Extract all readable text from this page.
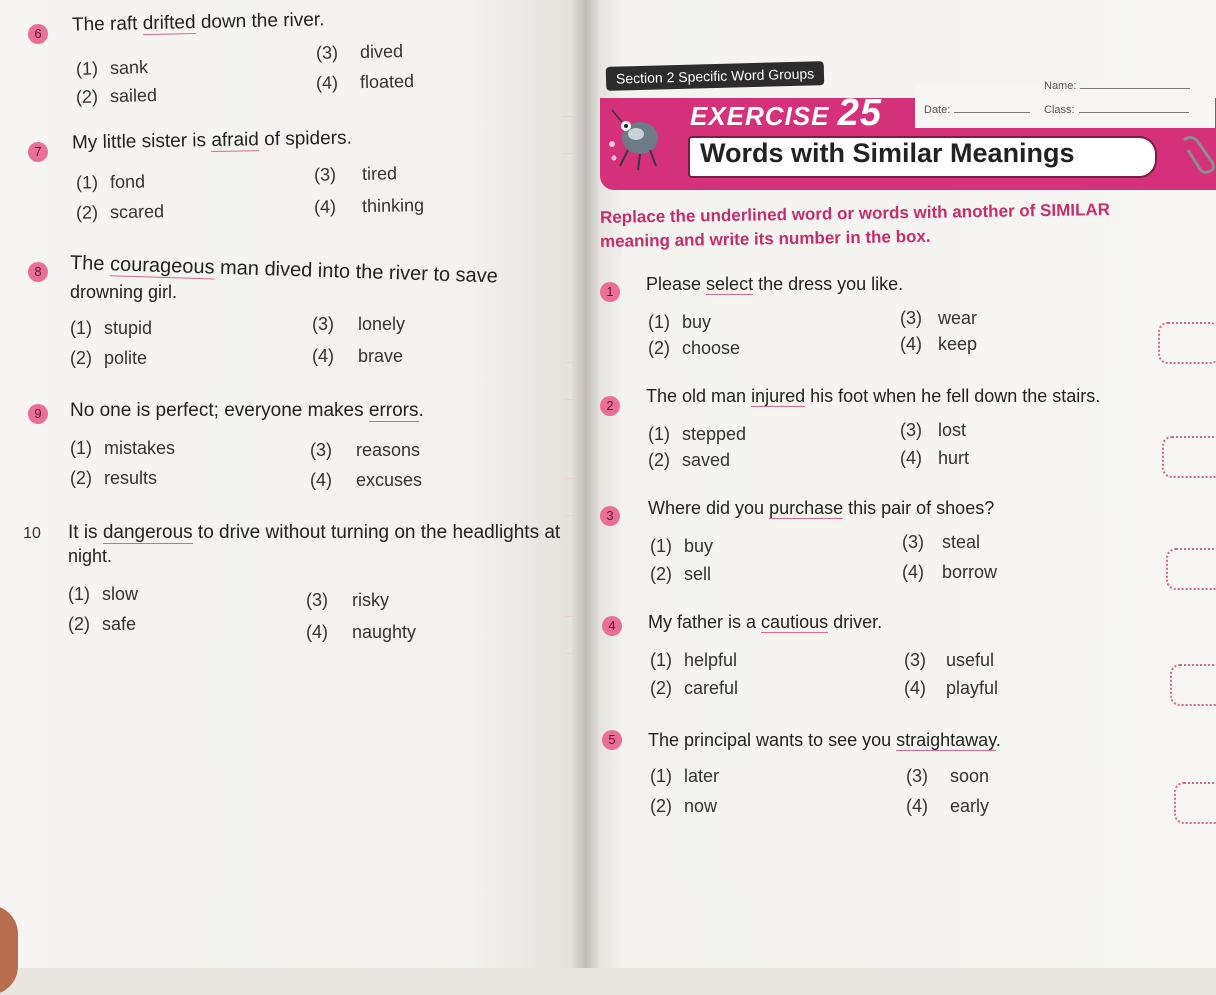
6	The raft drifted down the river.
(1) sank
(2) sailed
(3) dived
(4) floated
7	My little sister is afraid of spiders.
(1) fond
(2) scared
(3) tired
(4) thinking
8	The courageous man dived into the river to save
drowning girl.
(1) stupid
(2) polite
(3) lonely
(4) brave
9	No one is perfect; everyone makes errors.
(1) mistakes
(2) results
(3) reasons
(4) excuses
10 It is dangerous to drive without turning on the headlights at
night.
(1) slow
(2) safe
(3) risky
(4) naughty
Section 2 Specific Word Groups	Name:
Date:	Class:
EXERCISE 25
Words with Similar Meanings
Replace the underlined word or words with another of SIMILAR
meaning and write its number in the box.
1	Please select the dress you like.
(1) buy
(2) choose
(3) wear
(4) keep
2	The old man injured his foot when he fell down the stairs.
(1) stepped
(2) saved
(3) lost
(4) hurt
3	Where did you purchase this pair of shoes?
(1) buy
(2) sell
(3) steal
(4) borrow
4	My father is a cautious driver.
(1) helpful
(2) careful
(3) useful
(4) playful
5	The principal wants to see you straightaway.
(1) later
(2) now
(3) soon
(4) early
